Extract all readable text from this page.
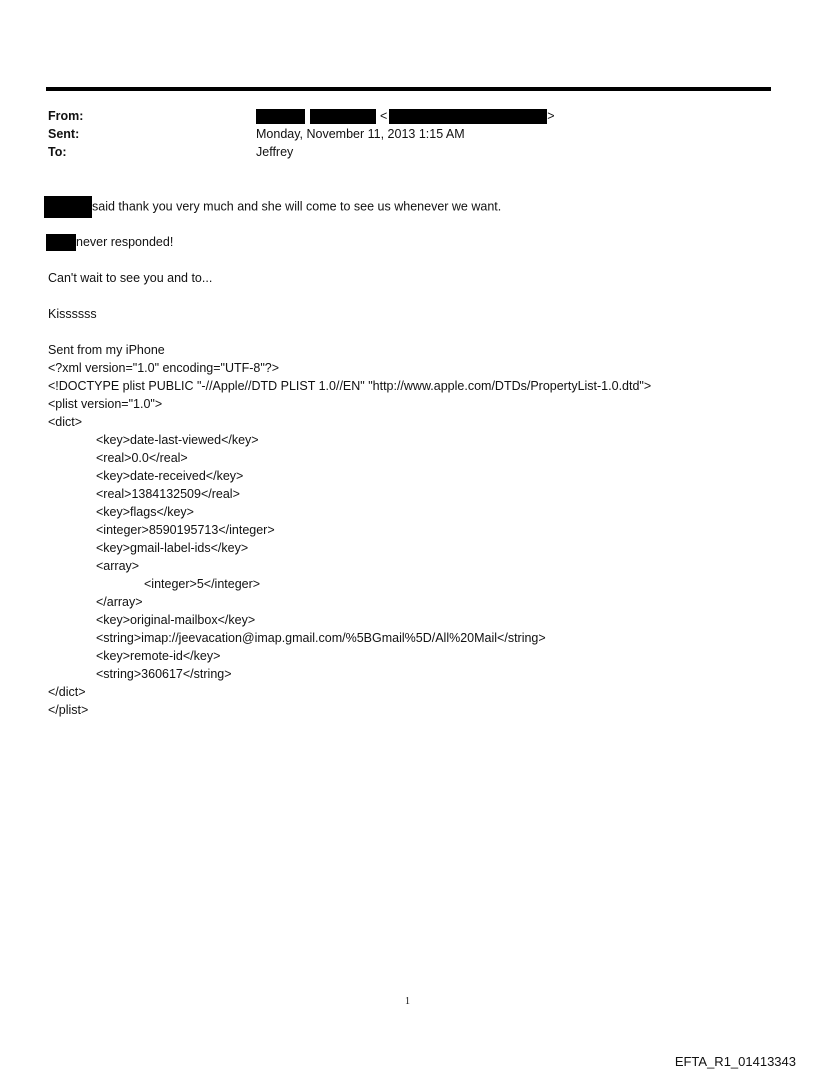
From:
Sent:
To:
<	>
Monday, November 11, 2013 1:15 AM
Jeffrey
said thank you very much and she will come to see us whenever we want.
never responded!
Can't wait to see you and to...
Kissssss
Sent from my iPhone
<?xml version="1.0" encoding="UTF-8"?>
<!DOCTYPE plist PUBLIC "-//Apple//DTD PLIST 1.0//EN" "http://www.apple.com/DTDs/PropertyList-1.0.dtd">
<plist version="1.0">
<dict>
<key>date-last-viewed</key>
<real>0.0</real>
<key>date-received</key>
<real>1384132509</real>
<key>flags</key>
<integer>8590195713</integer>
<key>gmail-label-ids</key>
<array>
<integer>5</integer>
</array>
<key>original-mailbox</key>
<string>imap://jeevacation@imap.gmail.com/%5BGmail%5D/All%20Mail</string>
<key>remote-id</key>
<string>360617</string>
</dict>
</plist>
1
EFTA_R1_01413343
